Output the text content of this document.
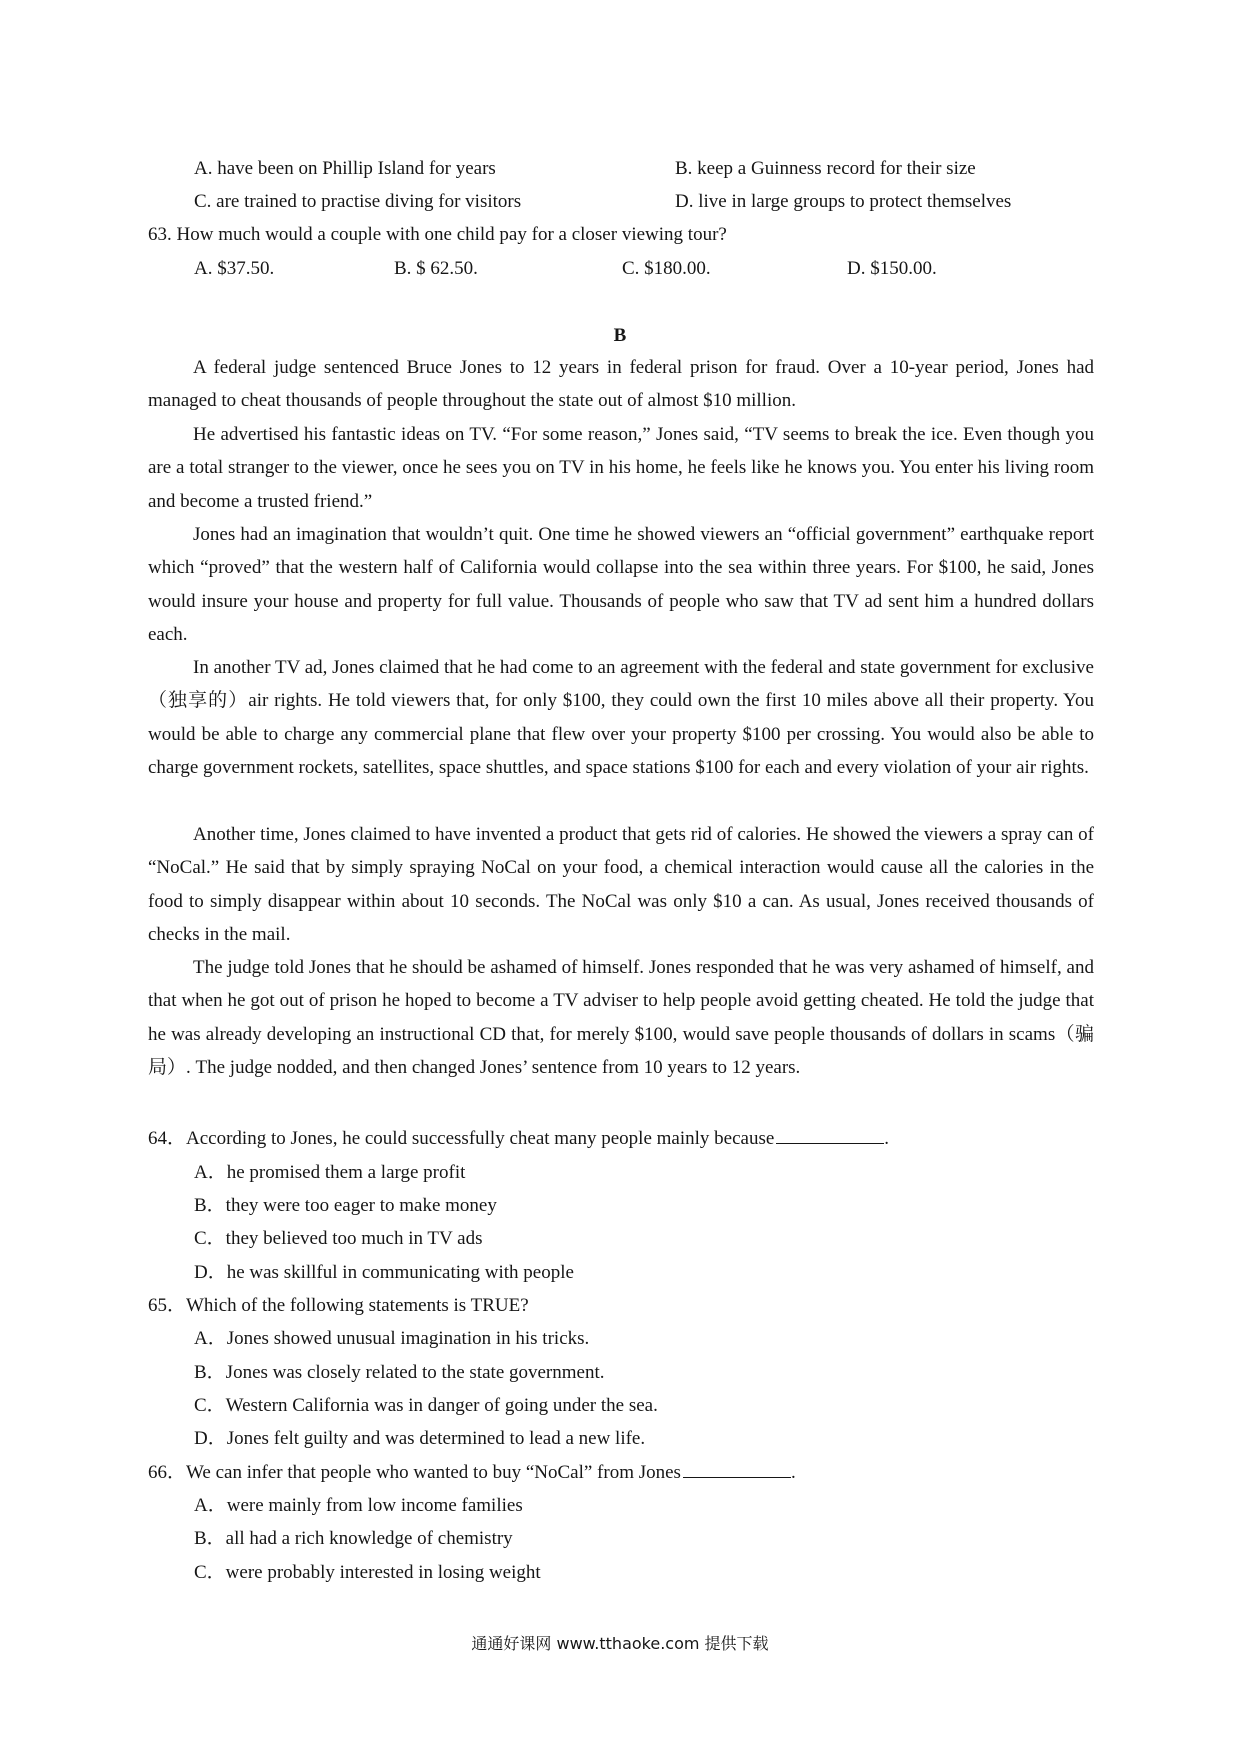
A. have been on Phillip Island for years	B. keep a Guinness record for their size
C. are trained to practise diving for visitors	D. live in large groups to protect themselves
63. How much would a couple with one child pay for a closer viewing tour?
A. $37.50.	B. $ 62.50.	C. $180.00.	D. $150.00.
B
A federal judge sentenced Bruce Jones to 12 years in federal prison for fraud. Over a 10-year period, Jones had managed to cheat thousands of people throughout the state out of almost $10 million.
He advertised his fantastic ideas on TV. “For some reason,” Jones said, “TV seems to break the ice. Even though you are a total stranger to the viewer, once he sees you on TV in his home, he feels like he knows you. You enter his living room and become a trusted friend.”
Jones had an imagination that wouldn’t quit. One time he showed viewers an “official government” earthquake report which “proved” that the western half of California would collapse into the sea within three years. For $100, he said, Jones would insure your house and property for full value. Thousands of people who saw that TV ad sent him a hundred dollars each.
In another TV ad, Jones claimed that he had come to an agreement with the federal and state government for exclusive（独享的）air rights. He told viewers that, for only $100, they could own the first 10 miles above all their property. You would be able to charge any commercial plane that flew over your property $100 per crossing. You would also be able to charge government rockets, satellites, space shuttles, and space stations $100 for each and every violation of your air rights.
Another time, Jones claimed to have invented a product that gets rid of calories. He showed the viewers a spray can of “NoCal.” He said that by simply spraying NoCal on your food, a chemical interaction would cause all the calories in the food to simply disappear within about 10 seconds. The NoCal was only $10 a can. As usual, Jones received thousands of checks in the mail.
The judge told Jones that he should be ashamed of himself. Jones responded that he was very ashamed of himself, and that when he got out of prison he hoped to become a TV adviser to help people avoid getting cheated. He told the judge that he was already developing an instructional CD that, for merely $100, would save people thousands of dollars in scams（骗局）. The judge nodded, and then changed Jones’ sentence from 10 years to 12 years.
64．According to Jones, he could successfully cheat many people mainly because	.
A．he promised them a large profit
B．they were too eager to make money
C．they believed too much in TV ads
D．he was skillful in communicating with people
65．Which of the following statements is TRUE?
A．Jones showed unusual imagination in his tricks.
B．Jones was closely related to the state government.
C．Western California was in danger of going under the sea.
D．Jones felt guilty and was determined to lead a new life.
66．We can infer that people who wanted to buy “NoCal” from Jones	.
A．were mainly from low income families
B．all had a rich knowledge of chemistry
C．were probably interested in losing weight
通通好课网 www.tthaoke.com 提供下载
